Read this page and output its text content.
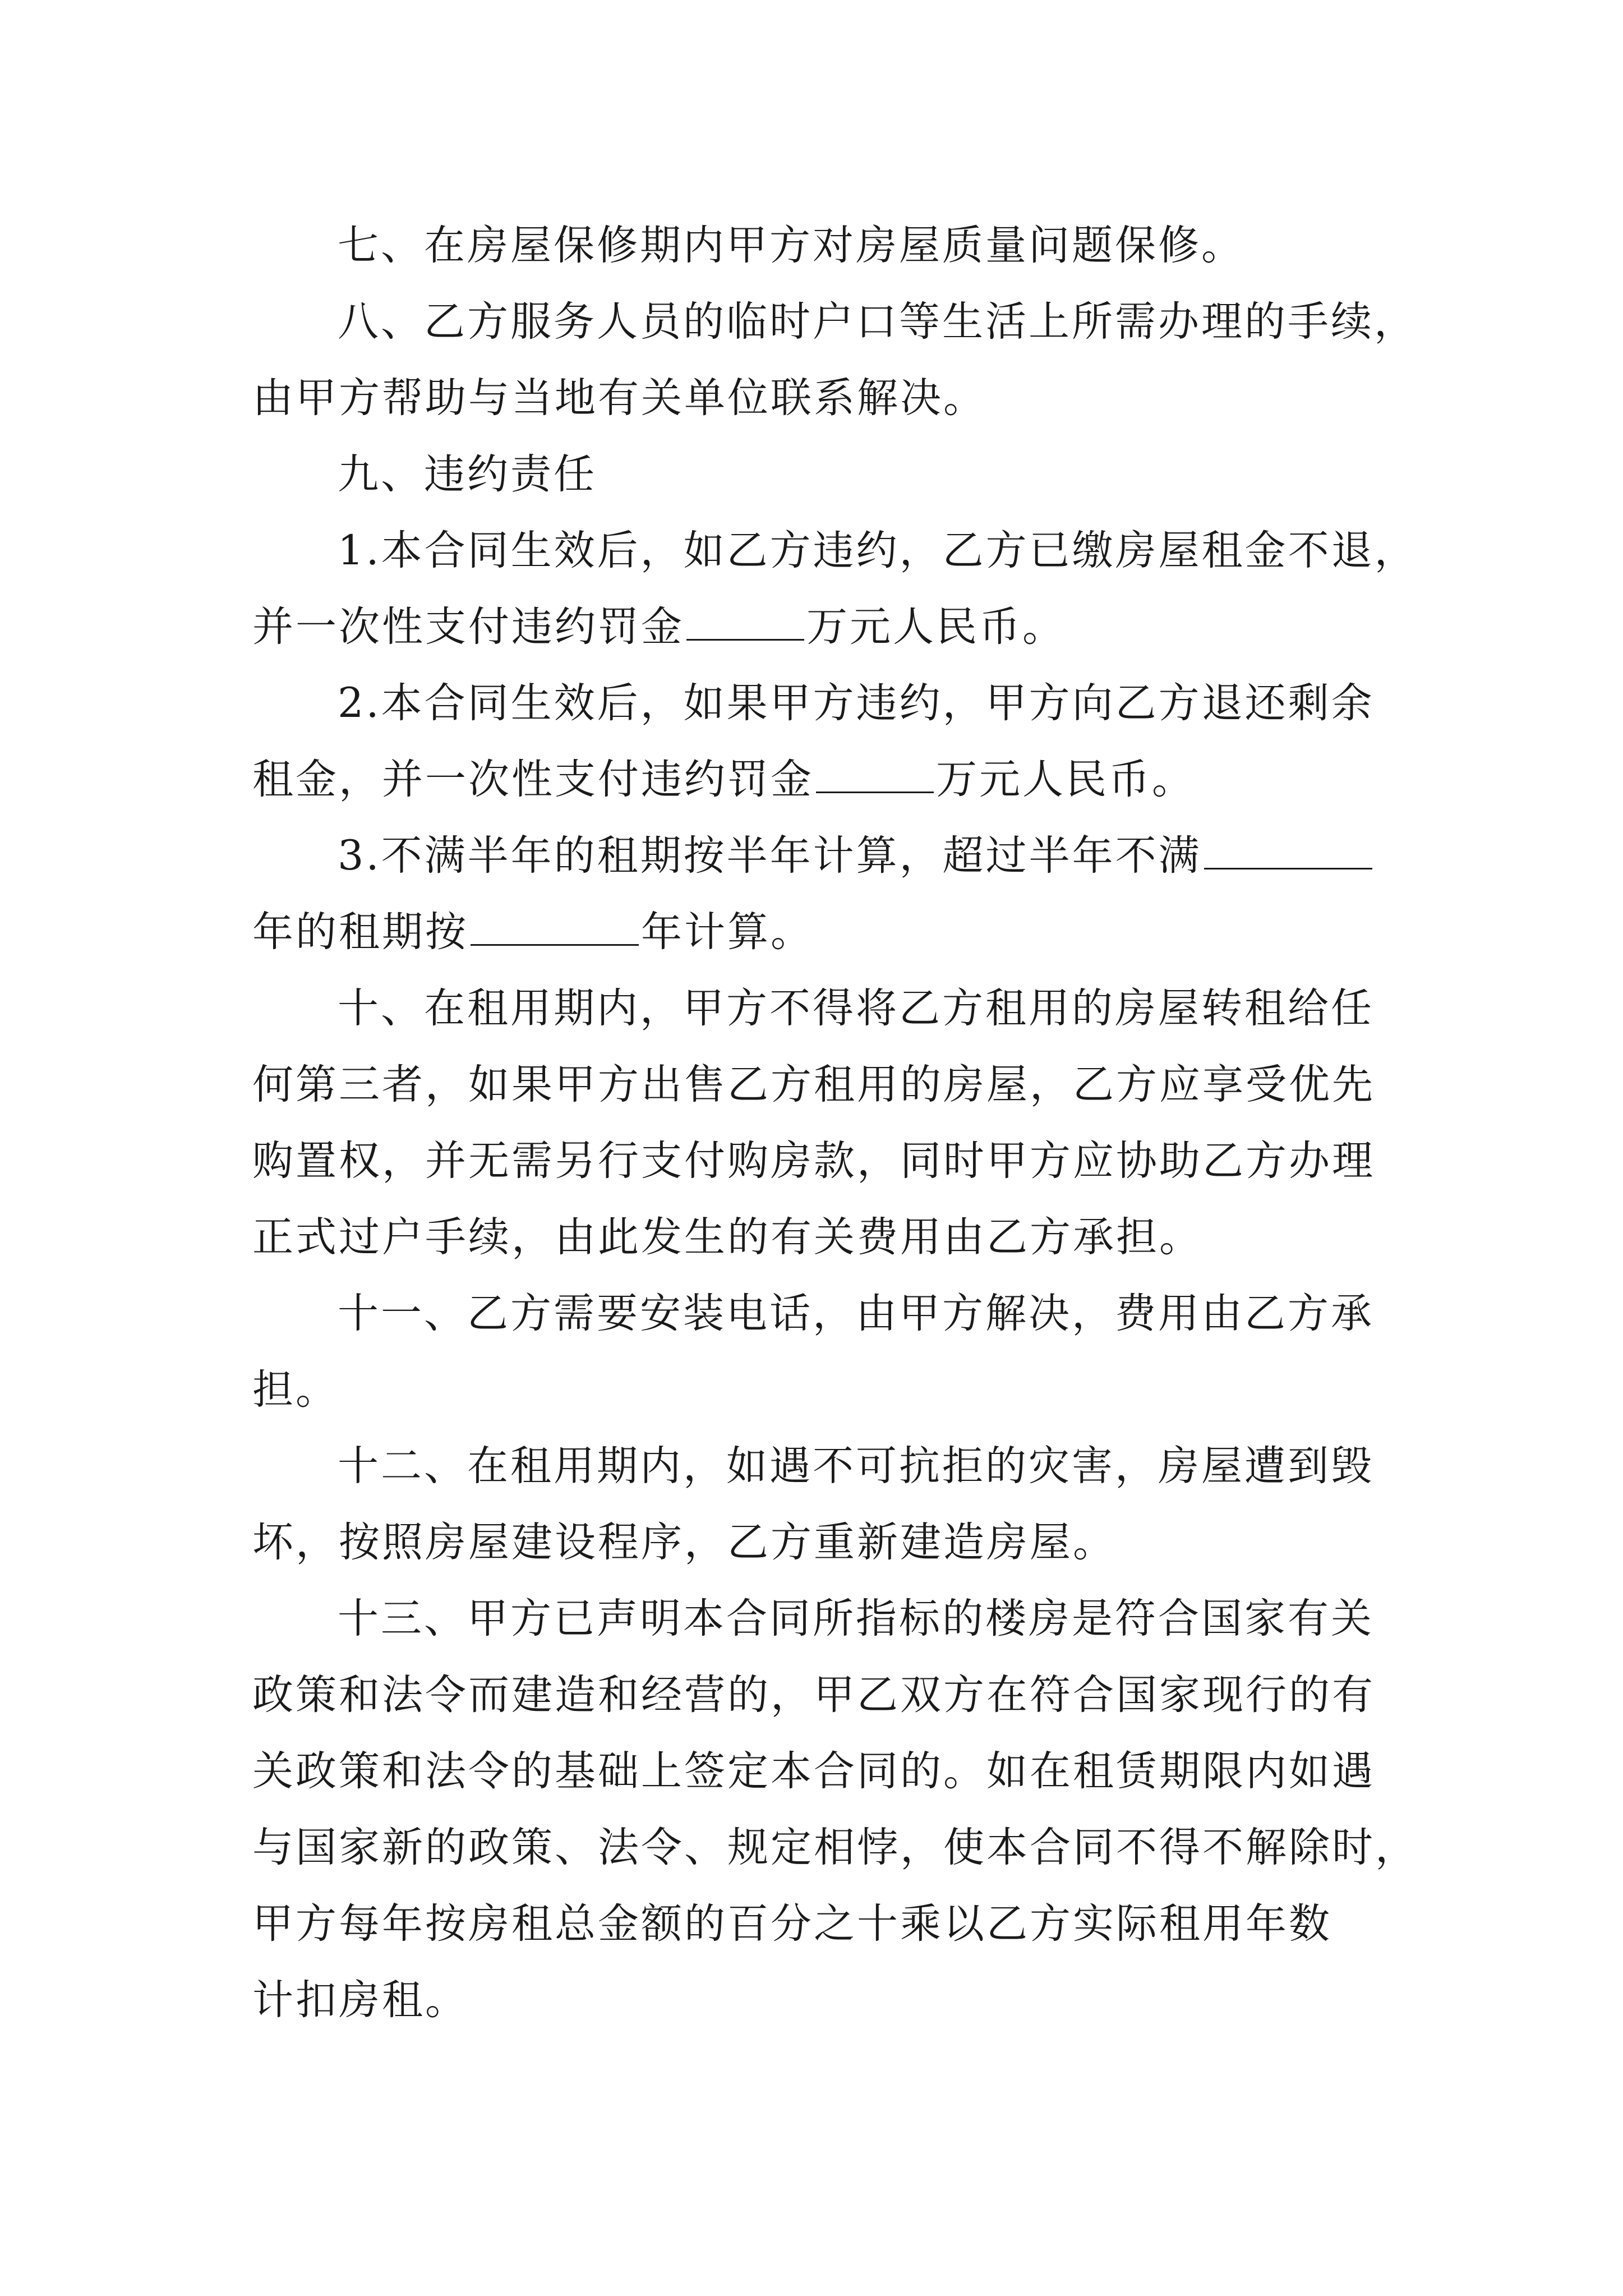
七、在房屋保修期内甲方对房屋质量问题保修。
八、乙方服务人员的临时户口等生活上所需办理的手续，
由甲方帮助与当地有关单位联系解决。
九、违约责任
1.本合同生效后，如乙方违约，乙方已缴房屋租金不退，
并一次性支付违约罚金	万元人民币。
2.本合同生效后，如果甲方违约，甲方向乙方退还剩余
租金，并一次性支付违约罚金	万元人民币。
3.不满半年的租期按半年计算，超过半年不满
年的租期按	年计算。
十、在租用期内，甲方不得将乙方租用的房屋转租给任
何第三者，如果甲方出售乙方租用的房屋，乙方应享受优先
购置权，并无需另行支付购房款，同时甲方应协助乙方办理
正式过户手续，由此发生的有关费用由乙方承担。
十一、乙方需要安装电话，由甲方解决，费用由乙方承
担。
十二、在租用期内，如遇不可抗拒的灾害，房屋遭到毁
坏，按照房屋建设程序，乙方重新建造房屋。
十三、甲方已声明本合同所指标的楼房是符合国家有关
政策和法令而建造和经营的，甲乙双方在符合国家现行的有
关政策和法令的基础上签定本合同的。如在租赁期限内如遇
与国家新的政策、法令、规定相悖，使本合同不得不解除时，
甲方每年按房租总金额的百分之十乘以乙方实际租用年数
计扣房租。
